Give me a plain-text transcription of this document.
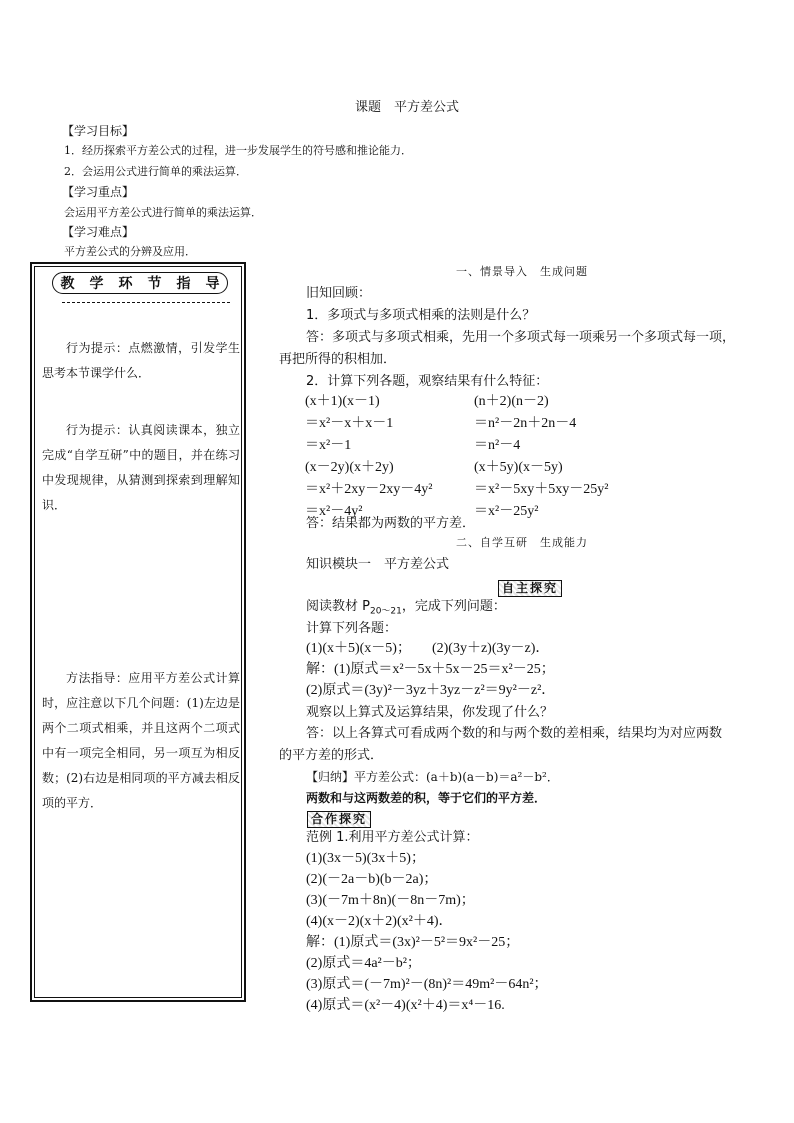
课题　平方差公式
【学习目标】
1．经历探索平方差公式的过程，进一步发展学生的符号感和推论能力．
2．会运用公式进行简单的乘法运算．
【学习重点】
会运用平方差公式进行简单的乘法运算．
【学习难点】
平方差公式的分辨及应用．
教 学 环 节 指 导
行为提示：点燃激情，引发学生思考本节课学什么．
行为提示：认真阅读课本，独立完成“自学互研”中的题目，并在练习中发现规律，从猜测到探索到理解知识．
方法指导：应用平方差公式计算时，应注意以下几个问题：(1)左边是两个二项式相乘，并且这两个二项式中有一项完全相同，另一项互为相反数；(2)右边是相同项的平方减去相反项的平方．
一、情景导入　生成问题
旧知回顾：
1．多项式与多项式相乘的法则是什么？
答：多项式与多项式相乘，先用一个多项式每一项乘另一个多项式每一项，
再把所得的积相加．
2．计算下列各题，观察结果有什么特征：
(x＋1)(x－1)
＝x²－x＋x－1
＝x²－1
(x－2y)(x＋2y)
＝x²＋2xy－2xy－4y²
＝x²－4y²
(n＋2)(n－2)
＝n²－2n＋2n－4
＝n²－4
(x＋5y)(x－5y)
＝x²－5xy＋5xy－25y²
＝x²－25y²
答：结果都为两数的平方差．
二、自学互研　生成能力
知识模块一　平方差公式
自主探究
阅读教材 $P_{20\sim 21}$，完成下列问题：
计算下列各题：
(1)(x＋5)(x－5)；　　(2)(3y＋z)(3y－z)．
解：(1)原式＝x²－5x＋5x－25＝x²－25；
(2)原式＝(3y)²－3yz＋3yz－z²＝9y²－z²．
观察以上算式及运算结果，你发现了什么？
答：以上各算式可看成两个数的和与两个数的差相乘，结果均为对应两数
的平方差的形式．
【归纳】平方差公式：(a＋b)(a－b)＝a²－b²．
两数和与这两数差的积，等于它们的平方差．
合作探究
范例 1.利用平方差公式计算：
(1)(3x－5)(3x＋5)；
(2)(－2a－b)(b－2a)；
(3)(－7m＋8n)(－8n－7m)；
(4)(x－2)(x＋2)(x²＋4)．
解：(1)原式＝(3x)²－5²＝9x²－25；
(2)原式＝4a²－b²；
(3)原式＝(－7m)²－(8n)²＝49m²－64n²；
(4)原式＝(x²－4)(x²＋4)＝x⁴－16.
